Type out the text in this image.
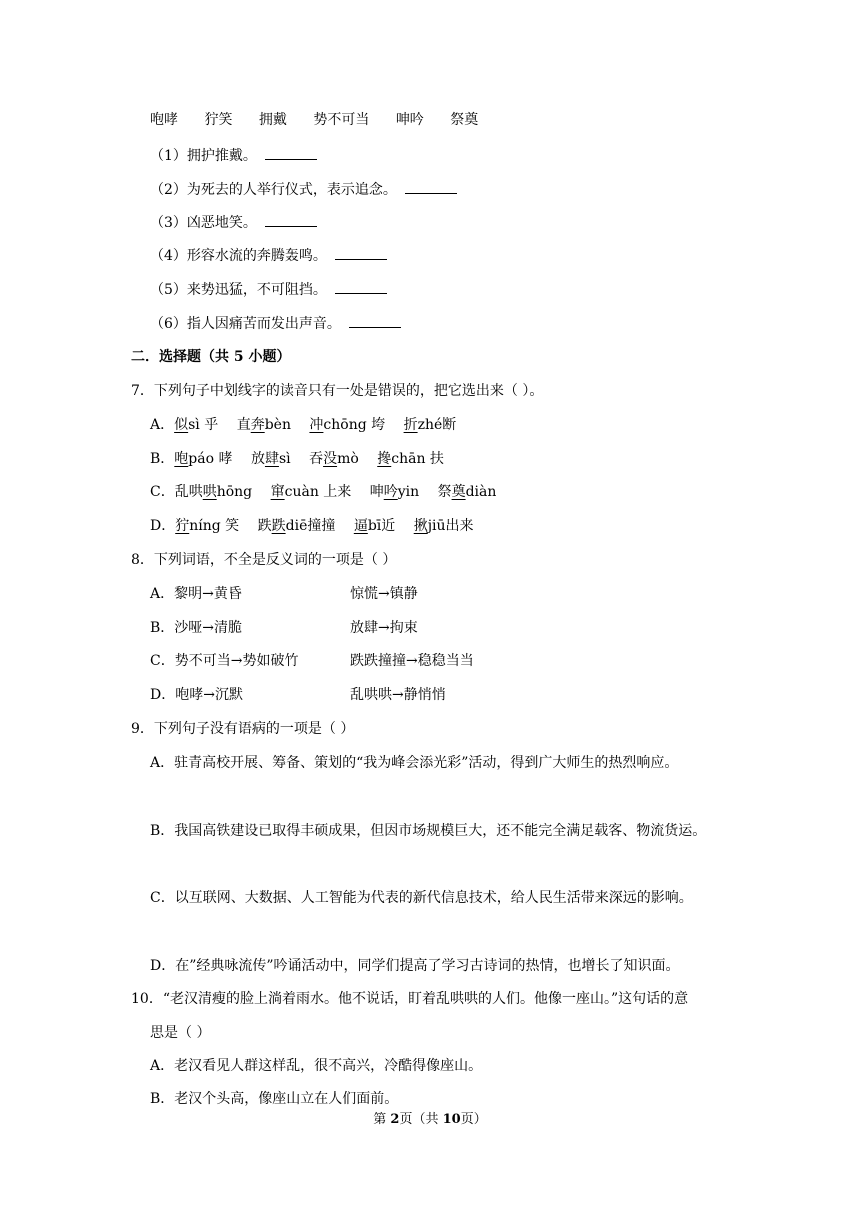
咆哮 狞笑 拥戴 势不可当 呻吟 祭奠
（1）拥护推戴。
（2）为死去的人举行仪式，表示追念。
（3）凶恶地笑。
（4）形容水流的奔腾轰鸣。
（5）来势迅猛，不可阻挡。
（6）指人因痛苦而发出声音。
二．选择题（共 5 小题）
7．下列句子中划线字的读音只有一处是错误的，把它选出来（ ）。
A．似sì 乎 直奔bèn 冲chōng 垮 折zhé断
B．咆páo 哮 放肆sì 吞没mò 搀chān 扶
C．乱哄哄hōng 窜cuàn 上来 呻吟yin 祭奠diàn
D．狞níng 笑 跌跌diē撞撞 逼bī近 揪jiū出来
8．下列词语，不全是反义词的一项是（ ）
A．黎明→黄昏	惊慌→镇静
B．沙哑→清脆	放肆→拘束
C．势不可当→势如破竹	跌跌撞撞→稳稳当当
D．咆哮→沉默	乱哄哄→静悄悄
9．下列句子没有语病的一项是（ ）
A．驻青高校开展、筹备、策划的“我为峰会添光彩”活动，得到广大师生的热烈响应。
B．我国高铁建设已取得丰硕成果，但因市场规模巨大，还不能完全满足载客、物流货运。
C．以互联网、大数据、人工智能为代表的新代信息技术，给人民生活带来深远的影响。
D．在”经典咏流传”吟诵活动中，同学们提高了学习古诗词的热情，也增长了知识面。
10．“老汉清瘦的脸上淌着雨水。他不说话，盯着乱哄哄的人们。他像一座山。”这句话的意
思是（ ）
A．老汉看见人群这样乱，很不高兴，冷酷得像座山。
B．老汉个头高，像座山立在人们面前。
第 2页（共 10页）
